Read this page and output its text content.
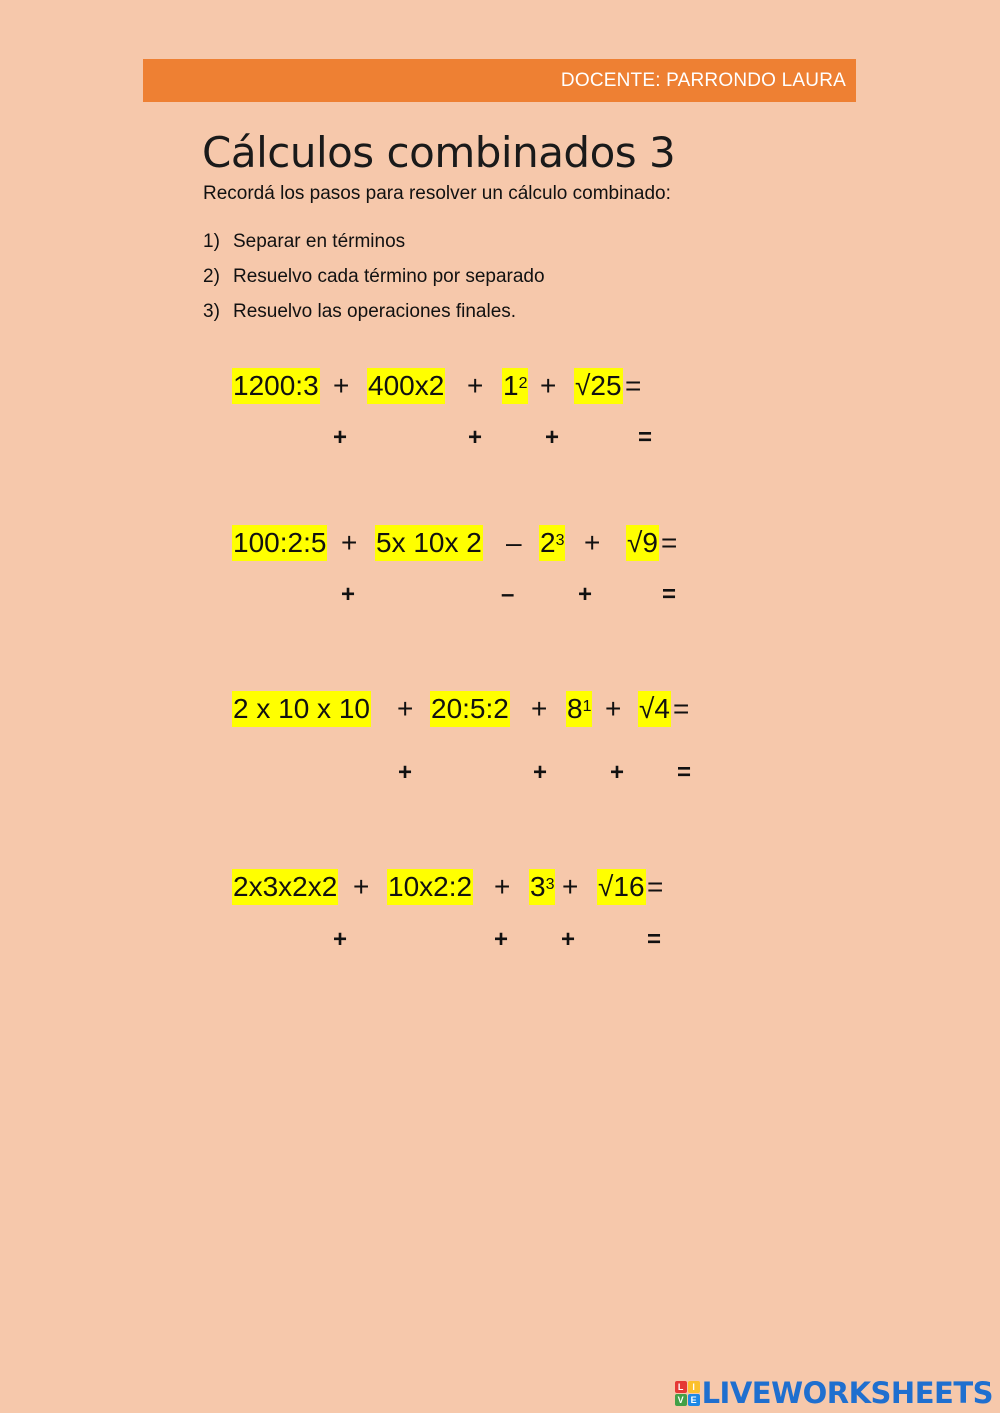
DOCENTE: PARRONDO LAURA
Cálculos combinados 3
Recordá los pasos para resolver un cálculo combinado:
1) Separar en términos
2) Resuelvo cada término por separado
3) Resuelvo las operaciones finales.
1200:3 + $400x2 + 1^2 + √25$ =
+	+	+	=
100:2:5 + 5x 10x $2 - 2^3 + √9$ =
+	–	+	=
2 x 10 x 10 + 20:5:2 + $8^1 + √4$ =
+	+	+ =
2x3x2x2 + 10x2:2 + $3^3 + √16$ =
+	+ +	=
L I
V E LIVEWORKSHEETS
